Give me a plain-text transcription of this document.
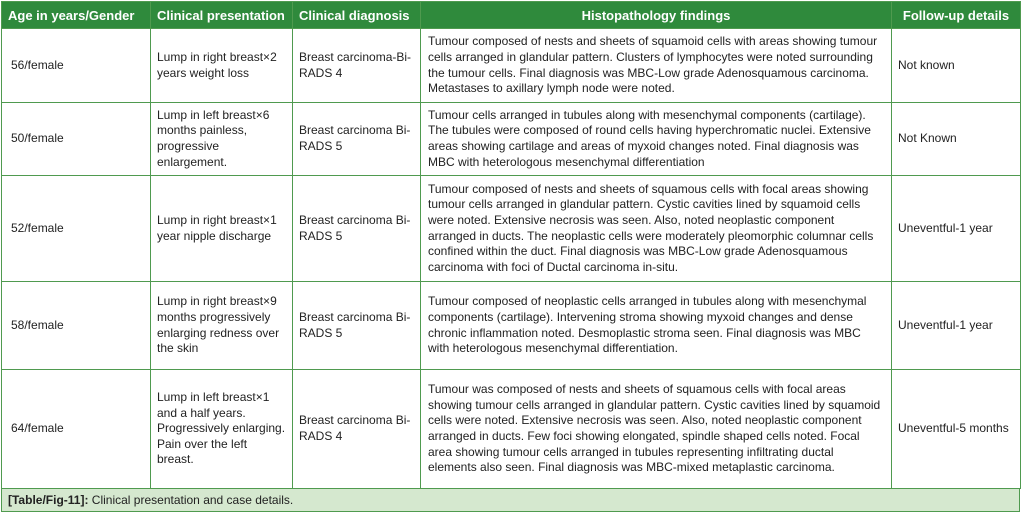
Age in years/Gender	Clinical presentation	Clinical diagnosis	Histopathology findings	Follow-up details
56/female	Lump in right breast×2 years weight loss	Breast carcinoma-Bi-RADS 4	Tumour composed of nests and sheets of squamoid cells with areas showing tumour cells arranged in glandular pattern. Clusters of lymphocytes were noted surrounding the tumour cells. Final diagnosis was MBC-Low grade Adenosquamous carcinoma. Metastases to axillary lymph node were noted.	Not known
50/female	Lump in left breast×6 months painless, progressive enlargement.	Breast carcinoma Bi-RADS 5	Tumour cells arranged in tubules along with mesenchymal components (cartilage). The tubules were composed of round cells having hyperchromatic nuclei. Extensive areas showing cartilage and areas of myxoid changes noted. Final diagnosis was MBC with heterologous mesenchymal differentiation	Not Known
52/female	Lump in right breast×1 year nipple discharge	Breast carcinoma Bi-RADS 5	Tumour composed of nests and sheets of squamous cells with focal areas showing tumour cells arranged in glandular pattern. Cystic cavities lined by squamoid cells were noted. Extensive necrosis was seen. Also, noted neoplastic component arranged in ducts. The neoplastic cells were moderately pleomorphic columnar cells confined within the duct. Final diagnosis was MBC-Low grade Adenosquamous carcinoma with foci of Ductal carcinoma in-situ.	Uneventful-1 year
58/female	Lump in right breast×9 months progressively enlarging redness over the skin	Breast carcinoma Bi-RADS 5	Tumour composed of neoplastic cells arranged in tubules along with mesenchymal components (cartilage). Intervening stroma showing myxoid changes and dense chronic inflammation noted. Desmoplastic stroma seen. Final diagnosis was MBC with heterologous mesenchymal differentiation.	Uneventful-1 year
64/female	Lump in left breast×1 and a half years. Progressively enlarging. Pain over the left breast.	Breast carcinoma Bi-RADS 4	Tumour was composed of nests and sheets of squamous cells with focal areas showing tumour cells arranged in glandular pattern. Cystic cavities lined by squamoid cells were noted. Extensive necrosis was seen. Also, noted neoplastic component arranged in ducts. Few foci showing elongated, spindle shaped cells noted. Focal area showing tumour cells arranged in tubules representing infiltrating ductal elements also seen. Final diagnosis was MBC-mixed metaplastic carcinoma.	Uneventful-5 months
[Table/Fig-11]: Clinical presentation and case details.
